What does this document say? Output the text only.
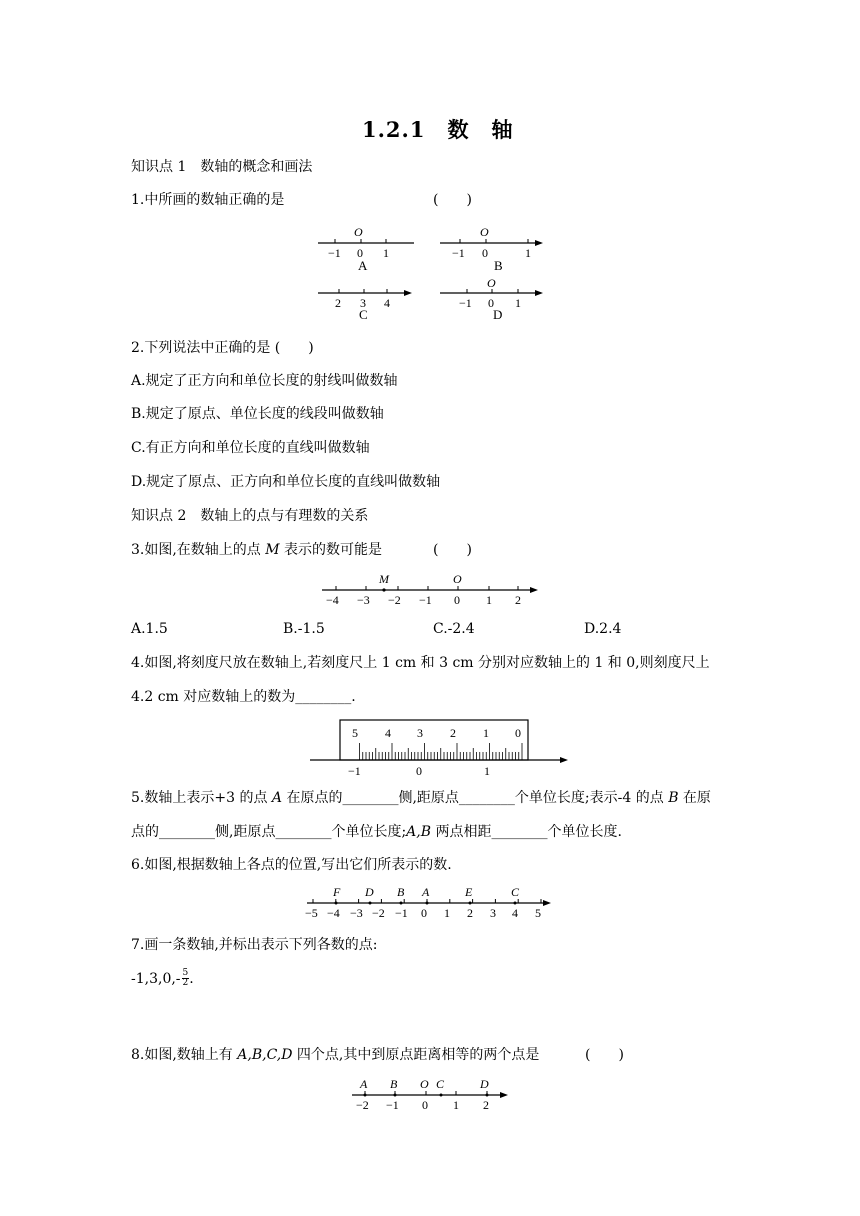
1.2.1　数　轴
知识点 1　数轴的概念和画法
1.中所画的数轴正确的是	(　　)
O
−1 0 1
A
O
−1 0	1
B
2 3 4
C
O
−1 0 1
D
2.下列说法中正确的是 (　　)
A.规定了正方向和单位长度的射线叫做数轴
B.规定了原点、单位长度的线段叫做数轴
C.有正方向和单位长度的直线叫做数轴
D.规定了原点、正方向和单位长度的直线叫做数轴
知识点 2　数轴上的点与有理数的关系
3.如图,在数轴上的点 M 表示的数可能是	(　　)
M	O
−4 −3 −2 −1 0 1 2
A.1.5	B.-1.5	C.-2.4	D.2.4
4.如图,将刻度尺放在数轴上,若刻度尺上 1 cm 和 3 cm 分别对应数轴上的 1 和 0,则刻度尺上
4.2 cm 对应数轴上的数为________.
5 4 3 2 1 0
−1	0	1
5.数轴上表示+3 的点 A 在原点的________侧,距原点________个单位长度;表示-4 的点 B 在原
点的________侧,距原点________个单位长度;A,B 两点相距________个单位长度.
6.如图,根据数轴上各点的位置,写出它们所表示的数.
F D B A	E	C
−5 −4 −3 −2 −1 0 1 2 3 4 5
7.画一条数轴,并标出表示下列各数的点:
$-1,3,0,- \frac{5}{2}$ .
8.如图,数轴上有 A,B,C,D 四个点,其中到原点距离相等的两个点是	(　　)
A B O C	D
−2 −1 0 1 2
